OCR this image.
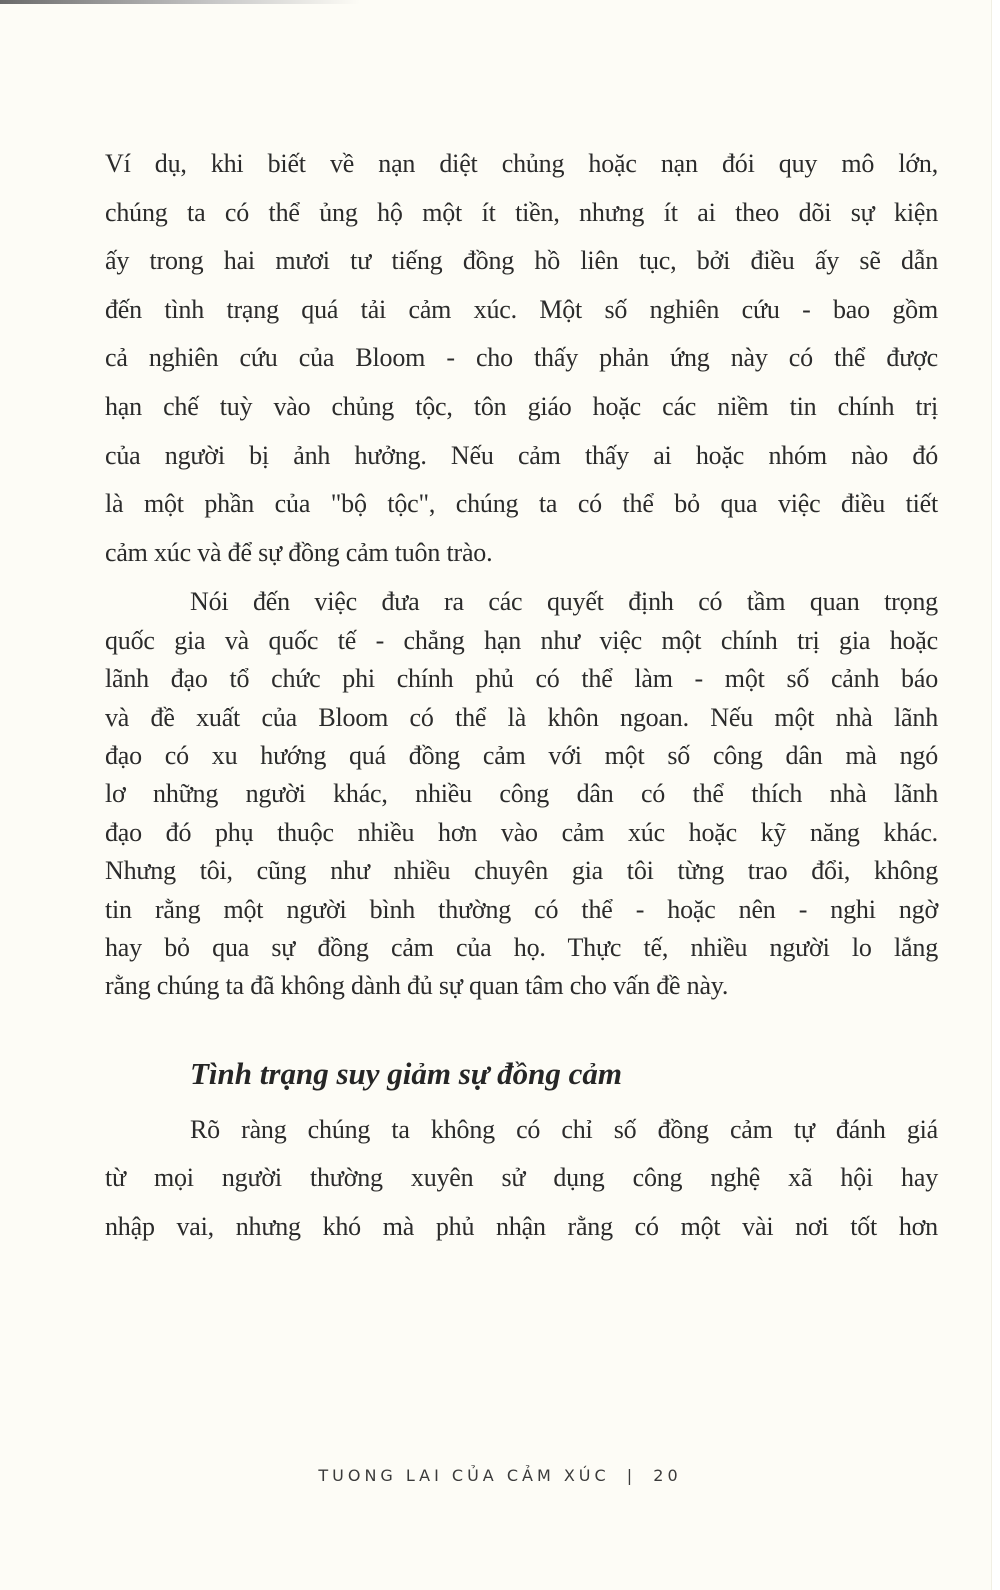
Ví dụ, khi biết về nạn diệt chủng hoặc nạn đói quy mô lớn,
chúng ta có thể ủng hộ một ít tiền, nhưng ít ai theo dõi sự kiện
ấy trong hai mươi tư tiếng đồng hồ liên tục, bởi điều ấy sẽ dẫn
đến tình trạng quá tải cảm xúc. Một số nghiên cứu - bao gồm
cả nghiên cứu của Bloom - cho thấy phản ứng này có thể được
hạn chế tuỳ vào chủng tộc, tôn giáo hoặc các niềm tin chính trị
của người bị ảnh hưởng. Nếu cảm thấy ai hoặc nhóm nào đó
là một phần của "bộ tộc", chúng ta có thể bỏ qua việc điều tiết
cảm xúc và để sự đồng cảm tuôn trào.
Nói đến việc đưa ra các quyết định có tầm quan trọng
quốc gia và quốc tế - chẳng hạn như việc một chính trị gia hoặc
lãnh đạo tổ chức phi chính phủ có thể làm - một số cảnh báo
và đề xuất của Bloom có thể là khôn ngoan. Nếu một nhà lãnh
đạo có xu hướng quá đồng cảm với một số công dân mà ngó
lơ những người khác, nhiều công dân có thể thích nhà lãnh
đạo đó phụ thuộc nhiều hơn vào cảm xúc hoặc kỹ năng khác.
Nhưng tôi, cũng như nhiều chuyên gia tôi từng trao đổi, không
tin rằng một người bình thường có thể - hoặc nên - nghi ngờ
hay bỏ qua sự đồng cảm của họ. Thực tế, nhiều người lo lắng
rằng chúng ta đã không dành đủ sự quan tâm cho vấn đề này.
Tình trạng suy giảm sự đồng cảm
Rõ ràng chúng ta không có chỉ số đồng cảm tự đánh giá
từ mọi người thường xuyên sử dụng công nghệ xã hội hay
nhập vai, nhưng khó mà phủ nhận rằng có một vài nơi tốt hơn
TUONG LAI CỦA CẢM XÚC | 20
